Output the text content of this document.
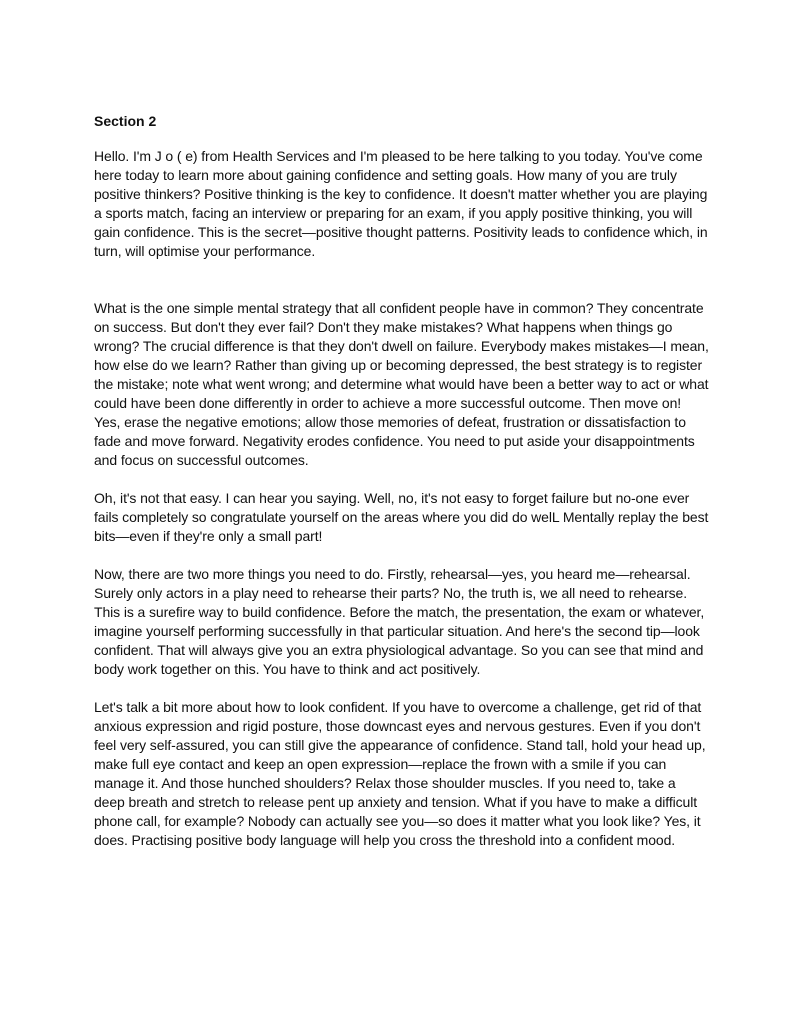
Section 2

Hello. I'm J o ( e) from Health Services and I'm pleased to be here talking to you today. You've come here today to learn more about gaining confidence and setting goals. How many of you are truly positive thinkers? Positive thinking is the key to confidence. It doesn't matter whether you are playing a sports match, facing an interview or preparing for an exam, if you apply positive thinking, you will gain confidence. This is the secret—positive thought patterns. Positivity leads to confidence which, in turn, will optimise your performance.

What is the one simple mental strategy that all confident people have in common? They concentrate on success. But don't they ever fail? Don't they make mistakes? What happens when things go wrong? The crucial difference is that they don't dwell on failure. Everybody makes mistakes—I mean, how else do we learn? Rather than giving up or becoming depressed, the best strategy is to register the mistake; note what went wrong; and determine what would have been a better way to act or what could have been done differently in order to achieve a more successful outcome. Then move on! Yes, erase the negative emotions; allow those memories of defeat, frustration or dissatisfaction to fade and move forward. Negativity erodes confidence. You need to put aside your disappointments and focus on successful outcomes.

Oh, it's not that easy. I can hear you saying. Well, no, it's not easy to forget failure but no-one ever fails completely so congratulate yourself on the areas where you did do welL Mentally replay the best bits—even if they're only a small part!

Now, there are two more things you need to do. Firstly, rehearsal—yes, you heard me—rehearsal. Surely only actors in a play need to rehearse their parts? No, the truth is, we all need to rehearse. This is a surefire way to build confidence. Before the match, the presentation, the exam or whatever, imagine yourself performing successfully in that particular situation. And here's the second tip—look confident. That will always give you an extra physiological advantage. So you can see that mind and body work together on this. You have to think and act positively.

Let's talk a bit more about how to look confident. If you have to overcome a challenge, get rid of that anxious expression and rigid posture, those downcast eyes and nervous gestures. Even if you don't feel very self-assured, you can still give the appearance of confidence. Stand tall, hold your head up, make full eye contact and keep an open expression—replace the frown with a smile if you can manage it. And those hunched shoulders? Relax those shoulder muscles. If you need to, take a deep breath and stretch to release pent up anxiety and tension. What if you have to make a difficult phone call, for example? Nobody can actually see you—so does it matter what you look like? Yes, it does. Practising positive body language will help you cross the threshold into a confident mood.
